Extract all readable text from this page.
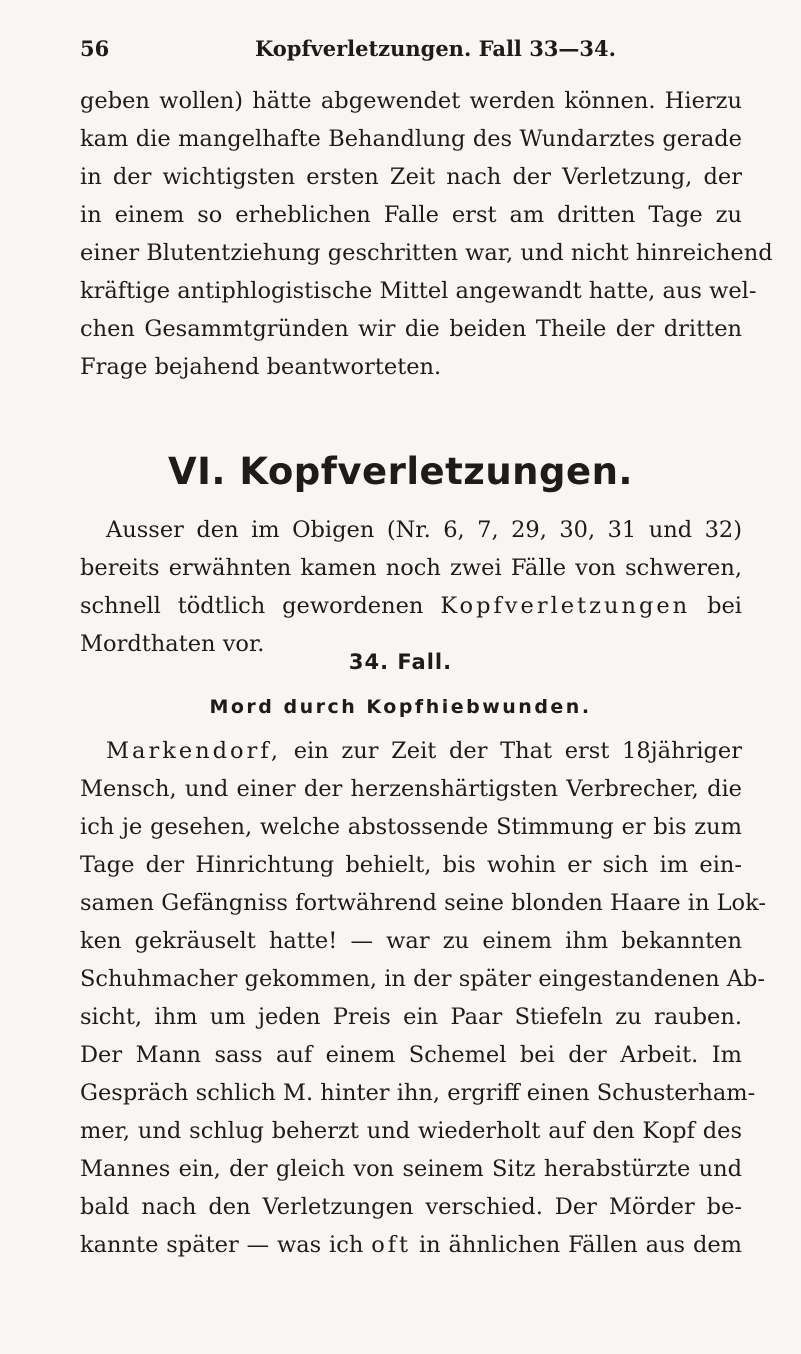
56	Kopfverletzungen. Fall 33—34.
geben wollen) hätte abgewendet werden können. Hierzu
kam die mangelhafte Behandlung des Wundarztes gerade
in der wichtigsten ersten Zeit nach der Verletzung, der
in einem so erheblichen Falle erst am dritten Tage zu
einer Blutentziehung geschritten war, und nicht hinreichend
kräftige antiphlogistische Mittel angewandt hatte, aus wel-
chen Gesammtgründen wir die beiden Theile der dritten
Frage bejahend beantworteten.
VI. Kopfverletzungen.
Ausser den im Obigen (Nr. 6, 7, 29, 30, 31 und 32)
bereits erwähnten kamen noch zwei Fälle von schweren,
schnell tödtlich gewordenen Kopfverletzungen bei
Mordthaten vor.
34. Fall.
Mord durch Kopfhiebwunden.
Markendorf, ein zur Zeit der That erst 18jähriger
Mensch, und einer der herzenshärtigsten Verbrecher, die
ich je gesehen, welche abstossende Stimmung er bis zum
Tage der Hinrichtung behielt, bis wohin er sich im ein-
samen Gefängniss fortwährend seine blonden Haare in Lok-
ken gekräuselt hatte! — war zu einem ihm bekannten
Schuhmacher gekommen, in der später eingestandenen Ab-
sicht, ihm um jeden Preis ein Paar Stiefeln zu rauben.
Der Mann sass auf einem Schemel bei der Arbeit. Im
Gespräch schlich M. hinter ihn, ergriff einen Schusterham-
mer, und schlug beherzt und wiederholt auf den Kopf des
Mannes ein, der gleich von seinem Sitz herabstürzte und
bald nach den Verletzungen verschied. Der Mörder be-
kannte später — was ich oft in ähnlichen Fällen aus dem
